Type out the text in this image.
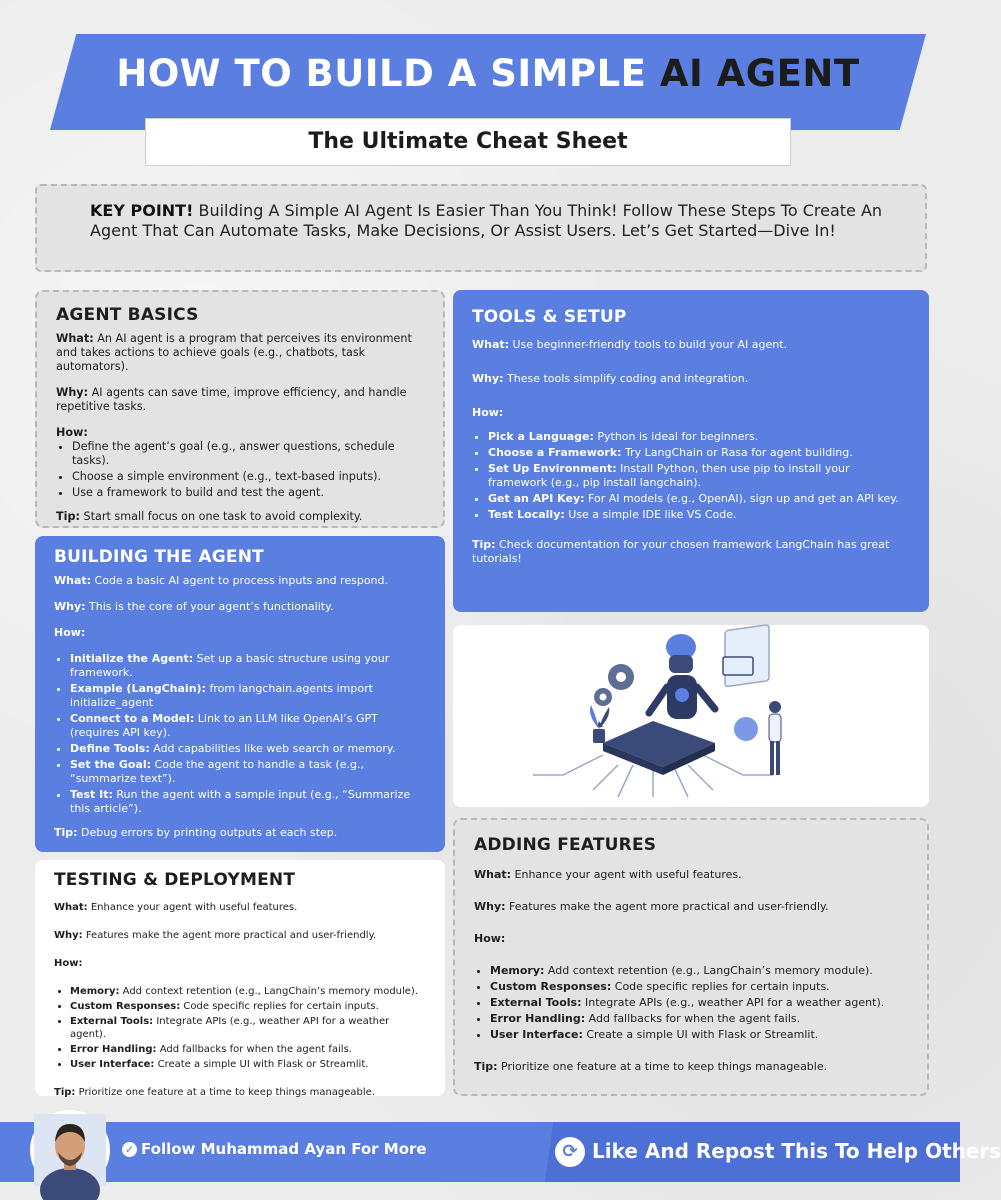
HOW TO BUILD A SIMPLE AI AGENT
The Ultimate Cheat Sheet
KEY POINT! Building A Simple AI Agent Is Easier Than You Think! Follow These Steps To Create An Agent That Can Automate Tasks, Make Decisions, Or Assist Users. Let’s Get Started—Dive In!
AGENT BASICS

What: An AI agent is a program that perceives its environment and takes actions to achieve goals (e.g., chatbots, task automators).

Why: AI agents can save time, improve efficiency, and handle repetitive tasks.

How:
• Define the agent’s goal (e.g., answer questions, schedule tasks).
• Choose a simple environment (e.g., text-based inputs).
• Use a framework to build and test the agent.

Tip: Start small focus on one task to avoid complexity.

TOOLS & SETUP

What: Use beginner-friendly tools to build your AI agent.

Why: These tools simplify coding and integration.

How:
• Pick a Language: Python is ideal for beginners.
• Choose a Framework: Try LangChain or Rasa for agent building.
• Set Up Environment: Install Python, then use pip to install your framework (e.g., pip install langchain).
• Get an API Key: For AI models (e.g., OpenAI), sign up and get an API key.
• Test Locally: Use a simple IDE like VS Code.

Tip: Check documentation for your chosen framework LangChain has great tutorials!

BUILDING THE AGENT

What: Code a basic AI agent to process inputs and respond.

Why: This is the core of your agent’s functionality.

How:

• Initialize the Agent: Set up a basic structure using your framework.
• Example (LangChain): from langchain.agents import initialize_agent
• Connect to a Model: Link to an LLM like OpenAI’s GPT (requires API key).
• Define Tools: Add capabilities like web search or memory.
• Set the Goal: Code the agent to handle a task (e.g., “summarize text”).
• Test It: Run the agent with a sample input (e.g., “Summarize this article”).

Tip: Debug errors by printing outputs at each step.

ADDING FEATURES

What: Enhance your agent with useful features.

Why: Features make the agent more practical and user-friendly.

How:
• Memory: Add context retention (e.g., LangChain’s memory module).
• Custom Responses: Code specific replies for certain inputs.
• External Tools: Integrate APIs (e.g., weather API for a weather agent).
• Error Handling: Add fallbacks for when the agent fails.
• User Interface: Create a simple UI with Flask or Streamlit.

Tip: Prioritize one feature at a time to keep things manageable.

TESTING & DEPLOYMENT

What: Enhance your agent with useful features.

Why: Features make the agent more practical and user-friendly.

How:
• Memory: Add context retention (e.g., LangChain’s memory module).
• Custom Responses: Code specific replies for certain inputs.
• External Tools: Integrate APIs (e.g., weather API for a weather agent).
• Error Handling: Add fallbacks for when the agent fails.
• User Interface: Create a simple UI with Flask or Streamlit.

Tip: Prioritize one feature at a time to keep things manageable.

✓ Follow Muhammad Ayan For More	⟳ Like And Repost This To Help Others
